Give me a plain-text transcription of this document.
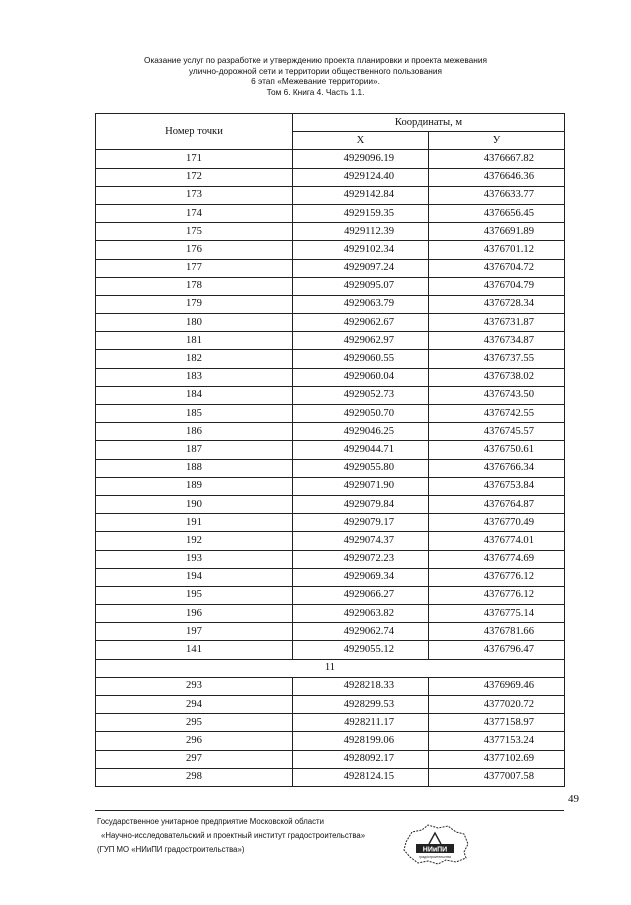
Оказание услуг по разработке и утверждению проекта планировки и проекта межевания
улично-дорожной сети и территории общественного пользования
6 этап «Межевание территории».
Том 6. Книга 4. Часть 1.1.
Номер точки	Координаты, м	
	X	У
171	4929096.19	4376667.82
172	4929124.40	4376646.36
173	4929142.84	4376633.77
174	4929159.35	4376656.45
175	4929112.39	4376691.89
176	4929102.34	4376701.12
177	4929097.24	4376704.72
178	4929095.07	4376704.79
179	4929063.79	4376728.34
180	4929062.67	4376731.87
181	4929062.97	4376734.87
182	4929060.55	4376737.55
183	4929060.04	4376738.02
184	4929052.73	4376743.50
185	4929050.70	4376742.55
186	4929046.25	4376745.57
187	4929044.71	4376750.61
188	4929055.80	4376766.34
189	4929071.90	4376753.84
190	4929079.84	4376764.87
191	4929079.17	4376770.49
192	4929074.37	4376774.01
193	4929072.23	4376774.69
194	4929069.34	4376776.12
195	4929066.27	4376776.12
196	4929063.82	4376775.14
197	4929062.74	4376781.66
141	4929055.12	4376796.47
11		
293	4928218.33	4376969.46
294	4928299.53	4377020.72
295	4928211.17	4377158.97
296	4928199.06	4377153.24
297	4928092.17	4377102.69
298	4928124.15	4377007.58
49
Государственное унитарное предприятие Московской области
«Научно-исследовательский и проектный институт градостроительства»
(ГУП МО «НИиПИ градостроительства»)	НИиПИ
градостроительства
